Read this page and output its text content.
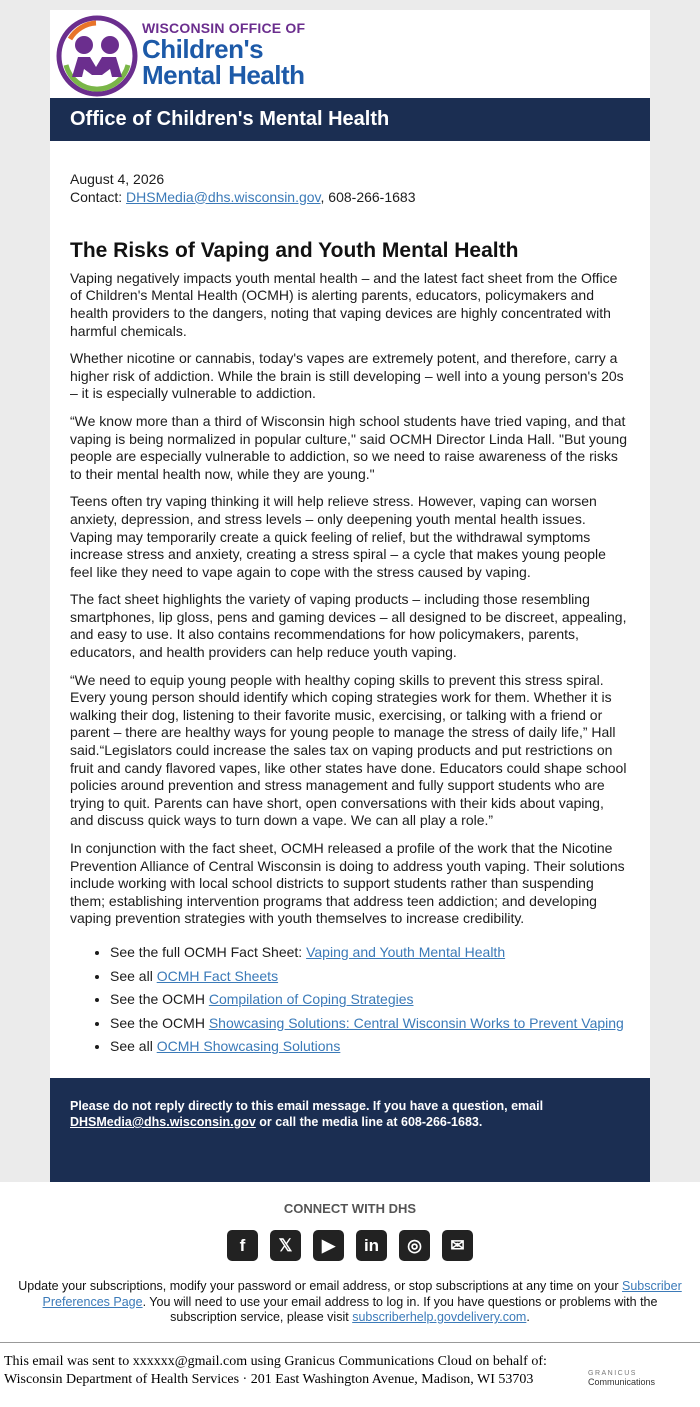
WISCONSIN OFFICE OF
Children's
Mental Health
Office of Children's Mental Health

August 4, 2026

Contact: DHSMedia@dhs.wisconsin.gov, 608-266-1683

The Risks of Vaping and Youth Mental Health

Vaping negatively impacts youth mental health – and the latest fact sheet from the Office of Children's Mental Health (OCMH) is alerting parents, educators, policymakers and health providers to the dangers, noting that vaping devices are highly concentrated with harmful chemicals.

Whether nicotine or cannabis, today's vapes are extremely potent, and therefore, carry a higher risk of addiction. While the brain is still developing – well into a young person's 20s – it is especially vulnerable to addiction.

“We know more than a third of Wisconsin high school students have tried vaping, and that vaping is being normalized in popular culture," said OCMH Director Linda Hall. "But young people are especially vulnerable to addiction, so we need to raise awareness of the risks to their mental health now, while they are young."

Teens often try vaping thinking it will help relieve stress. However, vaping can worsen anxiety, depression, and stress levels – only deepening youth mental health issues. Vaping may temporarily create a quick feeling of relief, but the withdrawal symptoms increase stress and anxiety, creating a stress spiral – a cycle that makes young people feel like they need to vape again to cope with the stress caused by vaping.

The fact sheet highlights the variety of vaping products – including those resembling smartphones, lip gloss, pens and gaming devices – all designed to be discreet, appealing, and easy to use. It also contains recommendations for how policymakers, parents, educators, and health providers can help reduce youth vaping.

“We need to equip young people with healthy coping skills to prevent this stress spiral. Every young person should identify which coping strategies work for them. Whether it is walking their dog, listening to their favorite music, exercising, or talking with a friend or parent – there are healthy ways for young people to manage the stress of daily life,” Hall said.“Legislators could increase the sales tax on vaping products and put restrictions on fruit and candy flavored vapes, like other states have done. Educators could shape school policies around prevention and stress management and fully support students who are trying to quit. Parents can have short, open conversations with their kids about vaping, and discuss quick ways to turn down a vape. We can all play a role.”

In conjunction with the fact sheet, OCMH released a profile of the work that the Nicotine Prevention Alliance of Central Wisconsin is doing to address youth vaping. Their solutions include working with local school districts to support students rather than suspending them; establishing intervention programs that address teen addiction; and developing vaping prevention strategies with youth themselves to increase credibility.

• See the full OCMH Fact Sheet: Vaping and Youth Mental Health
• See all OCMH Fact Sheets
• See the OCMH Compilation of Coping Strategies
• See the OCMH Showcasing Solutions: Central Wisconsin Works to Prevent Vaping
• See all OCMH Showcasing Solutions
Please do not reply directly to this email message. If you have a question, email DHSMedia@dhs.wisconsin.gov or call the media line at 608-266-1683.
CONNECT WITH DHS
f	𝕏	▶	in	◎	✉
Update your subscriptions, modify your password or email address, or stop subscriptions at any time on your Subscriber Preferences Page. You will need to use your email address to log in. If you have questions or problems with the subscription service, please visit subscriberhelp.govdelivery.com.
This email was sent to xxxxxx@gmail.com using Granicus Communications Cloud on behalf of: Wisconsin Department of Health Services · 201 East Washington Avenue, Madison, WI 53703	GRANICUS
Communications
